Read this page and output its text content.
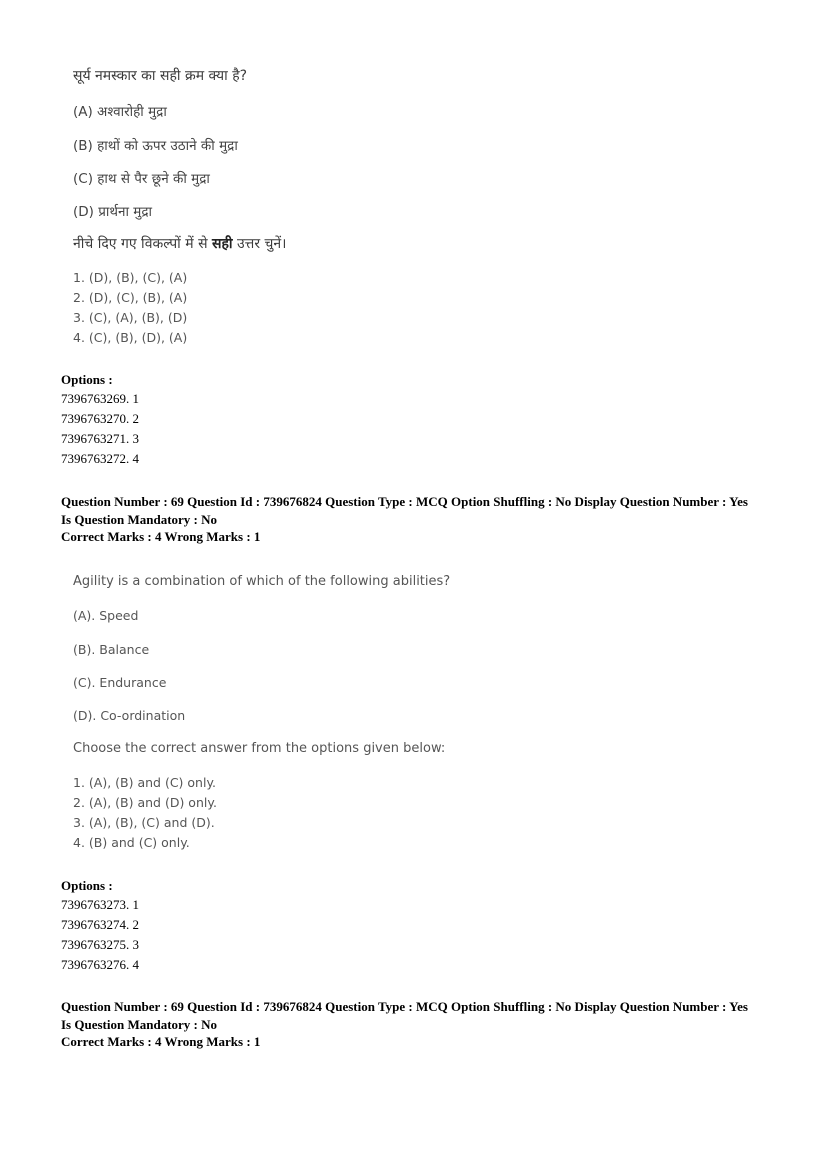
सूर्य नमस्कार का सही क्रम क्या है?
(A) अश्वारोही मुद्रा
(B) हाथों को ऊपर उठाने की मुद्रा
(C) हाथ से पैर छूने की मुद्रा
(D) प्रार्थना मुद्रा
नीचे दिए गए विकल्पों में से सही उत्तर चुनें।
1. (D), (B), (C), (A)
2. (D), (C), (B), (A)
3. (C), (A), (B), (D)
4. (C), (B), (D), (A)
Options :
7396763269. 1
7396763270. 2
7396763271. 3
7396763272. 4
Question Number : 69 Question Id : 739676824 Question Type : MCQ Option Shuffling : No Display Question Number : Yes
Is Question Mandatory : No
Correct Marks : 4 Wrong Marks : 1
Agility is a combination of which of the following abilities?
(A). Speed
(B). Balance
(C). Endurance
(D). Co-ordination
Choose the correct answer from the options given below:
1. (A), (B) and (C) only.
2. (A), (B) and (D) only.
3. (A), (B), (C) and (D).
4. (B) and (C) only.
Options :
7396763273. 1
7396763274. 2
7396763275. 3
7396763276. 4
Question Number : 69 Question Id : 739676824 Question Type : MCQ Option Shuffling : No Display Question Number : Yes
Is Question Mandatory : No
Correct Marks : 4 Wrong Marks : 1
